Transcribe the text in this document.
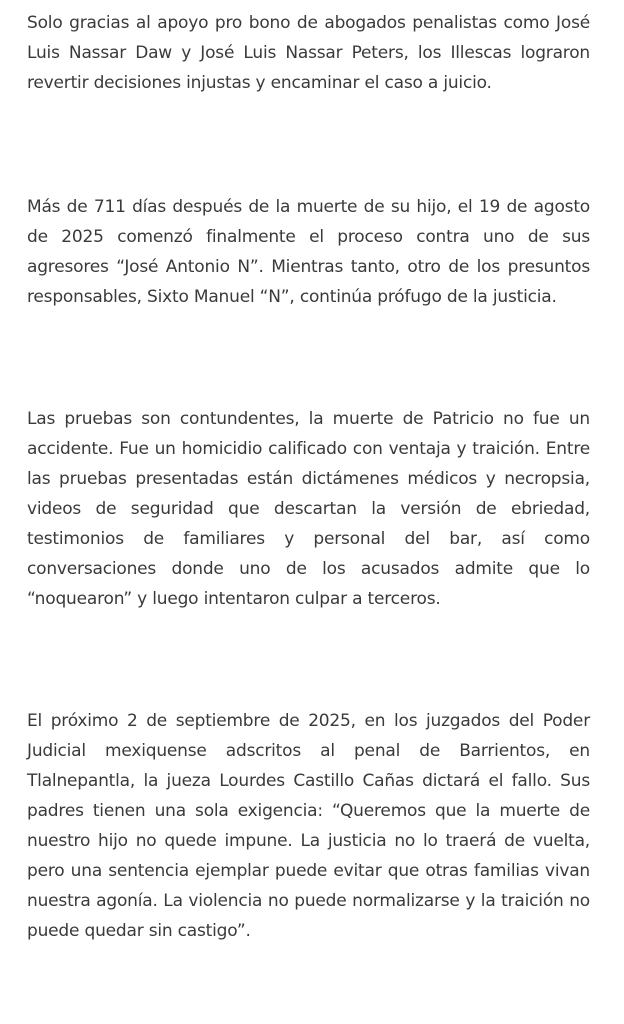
Solo gracias al apoyo pro bono de abogados penalistas como José Luis Nassar Daw y José Luis Nassar Peters, los Illescas lograron revertir decisiones injustas y encaminar el caso a juicio.

Más de 711 días después de la muerte de su hijo, el 19 de agosto de 2025 comenzó finalmente el proceso contra uno de sus agresores “José Antonio N”. Mientras tanto, otro de los presuntos responsables, Sixto Manuel “N”, continúa prófugo de la justicia.

Las pruebas son contundentes, la muerte de Patricio no fue un accidente. Fue un homicidio calificado con ventaja y traición. Entre las pruebas presentadas están dictámenes médicos y necropsia, videos de seguridad que descartan la versión de ebriedad, testimonios de familiares y personal del bar, así como conversaciones donde uno de los acusados admite que lo “noquearon” y luego intentaron culpar a terceros.

El próximo 2 de septiembre de 2025, en los juzgados del Poder Judicial mexiquense adscritos al penal de Barrientos, en Tlalnepantla, la jueza Lourdes Castillo Cañas dictará el fallo. Sus padres tienen una sola exigencia: “Queremos que la muerte de nuestro hijo no quede impune. La justicia no lo traerá de vuelta, pero una sentencia ejemplar puede evitar que otras familias vivan nuestra agonía. La violencia no puede normalizarse y la traición no puede quedar sin castigo”.
